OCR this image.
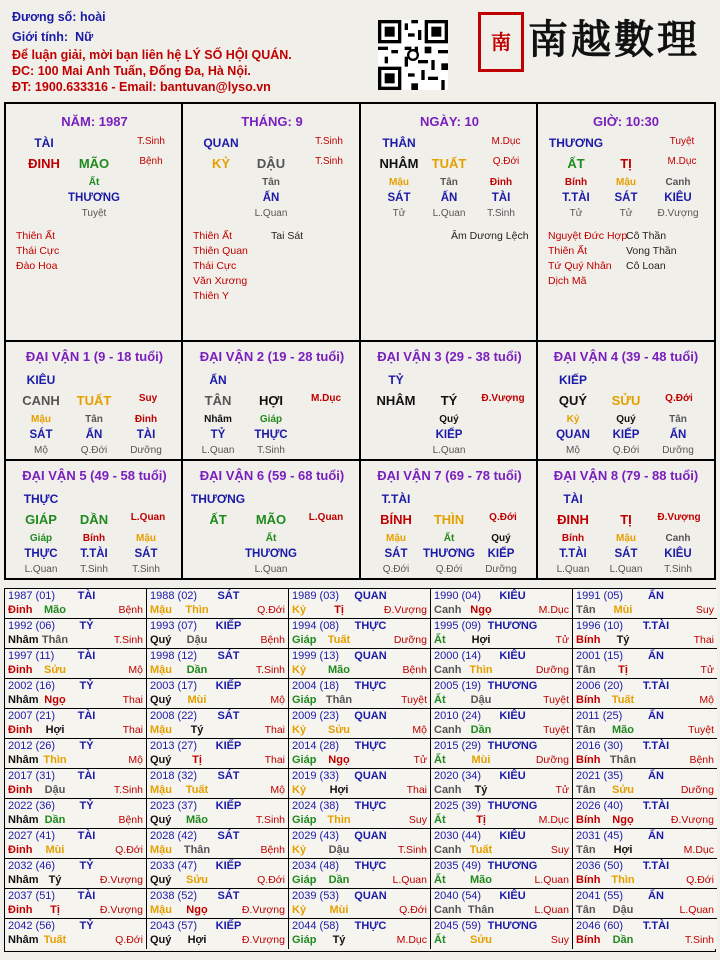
Đương số: hoài
Giới tính: Nữ
Để luận giải, mời bạn liên hệ LÝ SỐ HỘI QUÁN.
ĐC: 100 Mai Anh Tuấn, Đống Đa, Hà Nội.
ĐT: 1900.633316 - Email: bantuvan@lyso.vn
南 南越數理
NĂM: 1987
TÀI	T.Sinh
ĐINH MÃO	Bệnh
Ất
THƯƠNG
Tuyệt
Thiên Ất
Thái Cực
Đào Hoa
THÁNG: 9
QUAN	T.Sinh
KỶ DẬU	T.Sinh
Tân
ẤN
L.Quan
Thiên Ất
Thiên Quan
Thái Cực
Văn Xương
Thiên Y
Tai Sát
NGÀY: 10
THÂN	M.Dục
NHÂM TUẤT	Q.Đới
Mậu
SÁT
Tử
Tân
ẤN
L.Quan
Đinh
TÀI
T.Sinh
Âm Dương Lệch
GIỜ: 10:30
THƯƠNG	Tuyệt
ẤT	TỊ	M.Dục
Bính
T.TÀI
Tử
Mậu
SÁT
Tử
Canh
KIÊU
Đ.Vượng
Nguyệt Đức Hợp
Thiên Ất
Tứ Quý Nhân
Dịch Mã
Cô Thần
Vong Thần
Cô Loan
ĐẠI VẬN 1 (9 - 18 tuổi)
KIÊU
CANH TUẤT	Suy
Mậu
SÁT
Mộ
Tân
ẤN
Q.Đới
Đinh
TÀI
Dưỡng
ĐẠI VẬN 2 (19 - 28 tuổi)
ẤN
TÂN HỢI	M.Dục
Nhâm
TỶ
L.Quan
Giáp
THỰC
T.Sinh
ĐẠI VẬN 3 (29 - 38 tuổi)
TỶ
NHÂM TÝ Đ.Vượng
Quý
KIẾP
L.Quan
ĐẠI VẬN 4 (39 - 48 tuổi)
KIẾP
QUÝ SỬU Q.Đới
Kỷ
QUAN
Mộ
Quý
KIẾP
Q.Đới
Tân
ẤN
Dưỡng
ĐẠI VẬN 5 (49 - 58 tuổi)
THỰC
GIÁP DẦN L.Quan
Giáp
THỰC
L.Quan
Bính
T.TÀI
T.Sinh
Mậu
SÁT
T.Sinh
ĐẠI VẬN 6 (59 - 68 tuổi)
THƯƠNG
ẤT MÃO L.Quan
Ất
THƯƠNG
L.Quan
ĐẠI VẬN 7 (69 - 78 tuổi)
T.TÀI
BÍNH THÌN Q.Đới
Mậu
SÁT
Q.Đới
Ất
THƯƠNG
Q.Đới
Quý
KIẾP
Dưỡng
ĐẠI VẬN 8 (79 - 88 tuổi)
TÀI
ĐINH TỊ	Đ.Vượng
Bính
T.TÀI
L.Quan
Mậu
SÁT
L.Quan
Canh
KIÊU
T.Sinh
1987 (01)	TÀI
Đinh Mão	Bệnh
1988 (02)	SÁT
Mậu Thìn	Q.Đới
1989 (03)	QUAN
Kỷ	Tị	Đ.Vượng
1990 (04)	KIÊU
Canh Ngọ	M.Dục
1991 (05)	ẤN
Tân Mùi	Suy
1992 (06)	TỶ
Nhâm Thân	T.Sinh
1993 (07)	KIẾP
Quý Dậu	Bệnh
1994 (08)	THỰC
Giáp Tuất	Dưỡng
1995 (09) THƯƠNG
Ất Hợi	Tử
1996 (10)	T.TÀI
Bính Tý	Thai
1997 (11)	TÀI
Đinh Sửu	Mộ
1998 (12)	SÁT
Mậu Dần	T.Sinh
1999 (13)	QUAN
Kỷ Mão	Bệnh
2000 (14)	KIÊU
Canh Thìn	Dưỡng
2001 (15)	ẤN
Tân Tị	Tử
2002 (16)	TỶ
Nhâm Ngọ	Thai
2003 (17)	KIẾP
Quý Mùi	Mộ
2004 (18)	THỰC
Giáp Thân	Tuyệt
2005 (19) THƯƠNG
Ất Dậu	Tuyệt
2006 (20)	T.TÀI
Bính Tuất	Mộ
2007 (21)	TÀI
Đinh Hợi	Thai
2008 (22)	SÁT
Mậu Tý	Thai
2009 (23)	QUAN
Kỷ Sửu	Mộ
2010 (24)	KIÊU
Canh Dần	Tuyệt
2011 (25)	ẤN
Tân Mão	Tuyệt
2012 (26)	TỶ
Nhâm Thìn	Mộ
2013 (27)	KIẾP
Quý Tị	Thai
2014 (28)	THỰC
Giáp Ngọ	Tử
2015 (29) THƯƠNG
Ất Mùi	Dưỡng
2016 (30)	T.TÀI
Bính Thân	Bệnh
2017 (31)	TÀI
Đinh Dậu	T.Sinh
2018 (32)	SÁT
Mậu Tuất	Mộ
2019 (33)	QUAN
Kỷ Hợi	Thai
2020 (34)	KIÊU
Canh Tý	Tử
2021 (35)	ẤN
Tân Sửu	Dưỡng
2022 (36)	TỶ
Nhâm Dần	Bệnh
2023 (37)	KIẾP
Quý Mão	T.Sinh
2024 (38)	THỰC
Giáp Thìn	Suy
2025 (39) THƯƠNG
Ất	Tị	M.Dục
2026 (40)	T.TÀI
Bính Ngọ	Đ.Vượng
2027 (41)	TÀI
Đinh Mùi	Q.Đới
2028 (42)	SÁT
Mậu Thân	Bệnh
2029 (43)	QUAN
Kỷ Dậu	T.Sinh
2030 (44)	KIÊU
Canh Tuất	Suy
2031 (45)	ẤN
Tân Hợi	M.Dục
2032 (46)	TỶ
Nhâm Tý	Đ.Vượng
2033 (47)	KIẾP
Quý Sửu	Q.Đới
2034 (48)	THỰC
Giáp Dần	L.Quan
2035 (49) THƯƠNG
Ất Mão	L.Quan
2036 (50)	T.TÀI
Bính Thìn	Q.Đới
2037 (51)	TÀI
Đinh Tị	Đ.Vượng
2038 (52)	SÁT
Mậu Ngọ	Đ.Vượng
2039 (53)	QUAN
Kỷ Mùi	Q.Đới
2040 (54)	KIÊU
Canh Thân	L.Quan
2041 (55)	ẤN
Tân Dậu	L.Quan
2042 (56)	TỶ
Nhâm Tuất	Q.Đới
2043 (57)	KIẾP
Quý Hợi	Đ.Vượng
2044 (58)	THỰC
Giáp Tý	M.Dục
2045 (59) THƯƠNG
Ất Sửu	Suy
2046 (60)	T.TÀI
Bính Dần	T.Sinh
